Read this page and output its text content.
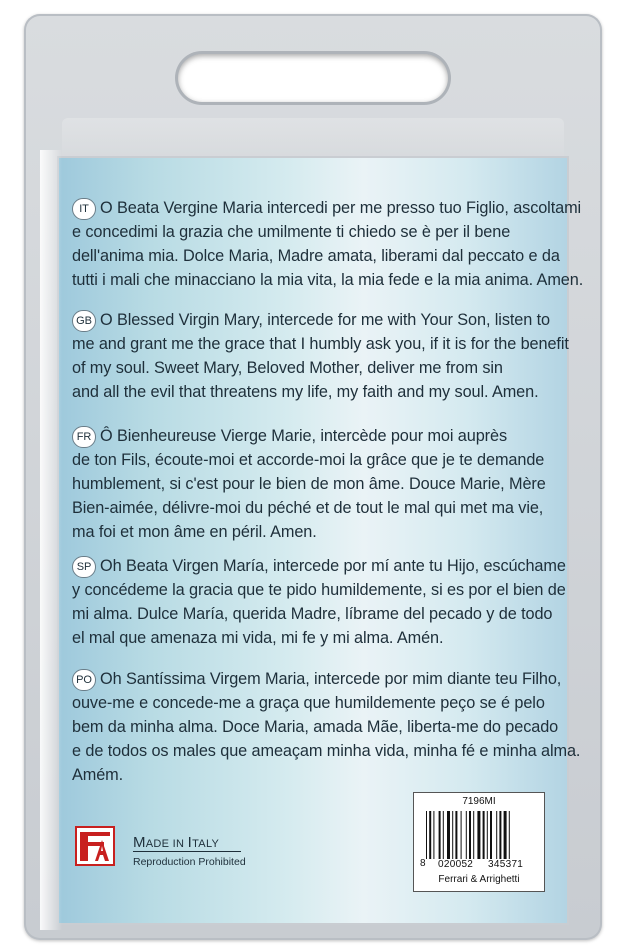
IT O Beata Vergine Maria intercedi per me presso tuo Figlio, ascoltami
e concedimi la grazia che umilmente ti chiedo se è per il bene
dell'anima mia. Dolce Maria, Madre amata, liberami dal peccato e da
tutti i mali che minacciano la mia vita, la mia fede e la mia anima. Amen.
GB O Blessed Virgin Mary, intercede for me with Your Son, listen to
me and grant me the grace that I humbly ask you, if it is for the benefit
of my soul. Sweet Mary, Beloved Mother, deliver me from sin
and all the evil that threatens my life, my faith and my soul. Amen.
FR Ô Bienheureuse Vierge Marie, intercède pour moi auprès
de ton Fils, écoute-moi et accorde-moi la grâce que je te demande
humblement, si c'est pour le bien de mon âme. Douce Marie, Mère
Bien-aimée, délivre-moi du péché et de tout le mal qui met ma vie,
ma foi et mon âme en péril. Amen.
SP Oh Beata Virgen María, intercede por mí ante tu Hijo, escúchame
y concédeme la gracia que te pido humildemente, si es por el bien de
mi alma. Dulce María, querida Madre, líbrame del pecado y de todo
el mal que amenaza mi vida, mi fe y mi alma. Amén.
PO Oh Santíssima Virgem Maria, intercede por mim diante teu Filho,
ouve-me e concede-me a graça que humildemente peço se é pelo
bem da minha alma. Doce Maria, amada Mãe, liberta-me do pecado
e de todos os males que ameaçam minha vida, minha fé e minha alma.
Amém.
7196MI
8 020052 345371
Ferrari & Arrighetti
MADE IN ITALY
Reproduction Prohibited
